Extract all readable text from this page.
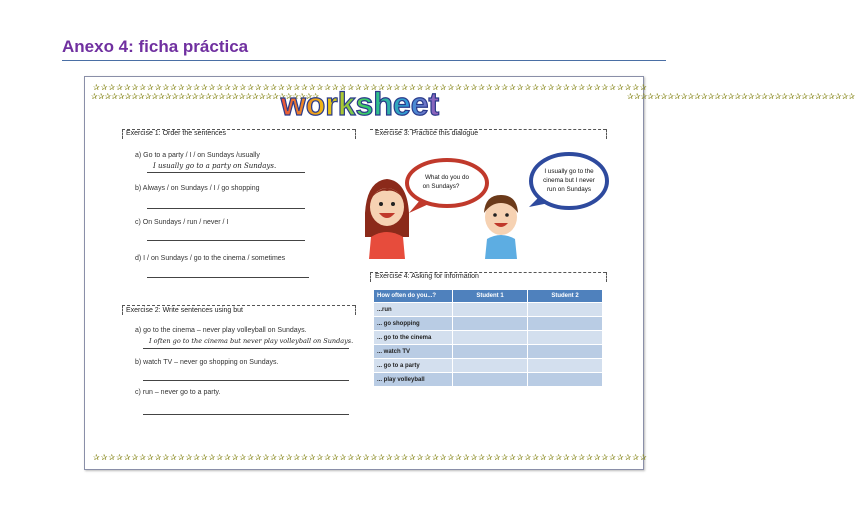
Anexo 4: ficha práctica
✰✰✰✰✰✰✰✰✰✰✰✰✰✰✰✰✰✰✰✰✰✰✰✰✰✰✰✰✰✰✰✰✰✰✰✰✰✰✰✰✰✰✰✰✰✰✰✰✰✰✰✰✰✰✰✰✰✰✰✰✰✰✰✰✰✰✰✰✰✰✰✰
✰✰✰✰✰✰✰✰✰✰✰✰✰✰✰✰✰✰✰✰✰✰✰✰✰✰✰✰✰✰✰✰✰✰✰✰✰✰✰✰✰✰✰✰✰✰✰✰✰✰✰✰✰✰✰✰✰✰✰✰✰✰✰✰✰✰✰✰✰✰✰✰
✰✰✰✰✰✰✰✰✰✰✰✰✰✰✰✰✰✰✰✰✰✰✰✰✰✰✰✰✰✰✰✰✰✰	✰✰✰✰✰✰✰✰✰✰✰✰✰✰✰✰✰✰✰✰✰✰✰✰✰✰✰✰✰✰✰✰✰✰
worksheet
Exercise 1: Order the sentences
a) Go to a party / I / on Sundays /usually
I usually go to a party on Sundays.
b) Always / on Sundays / I / go shopping
c) On Sundays / run / never / I
d) I / on Sundays / go to the cinema / sometimes
Exercise 2: Write sentences using but
a) go to the cinema – never play volleyball on Sundays.
I often go to the cinema but never play volleyball on Sundays.
b) watch TV – never go shopping on Sundays.
c) run – never go to a party.
Exercise 3: Practice this dialogue
What do you do
on Sundays?
I usually go to the
cinema but I never
run on Sundays
Exercise 4: Asking for information
How often do you...?	Student 1	Student 2
...run		
... go shopping		
... go to the cinema		
... watch TV		
... go to a party		
... play volleyball		
